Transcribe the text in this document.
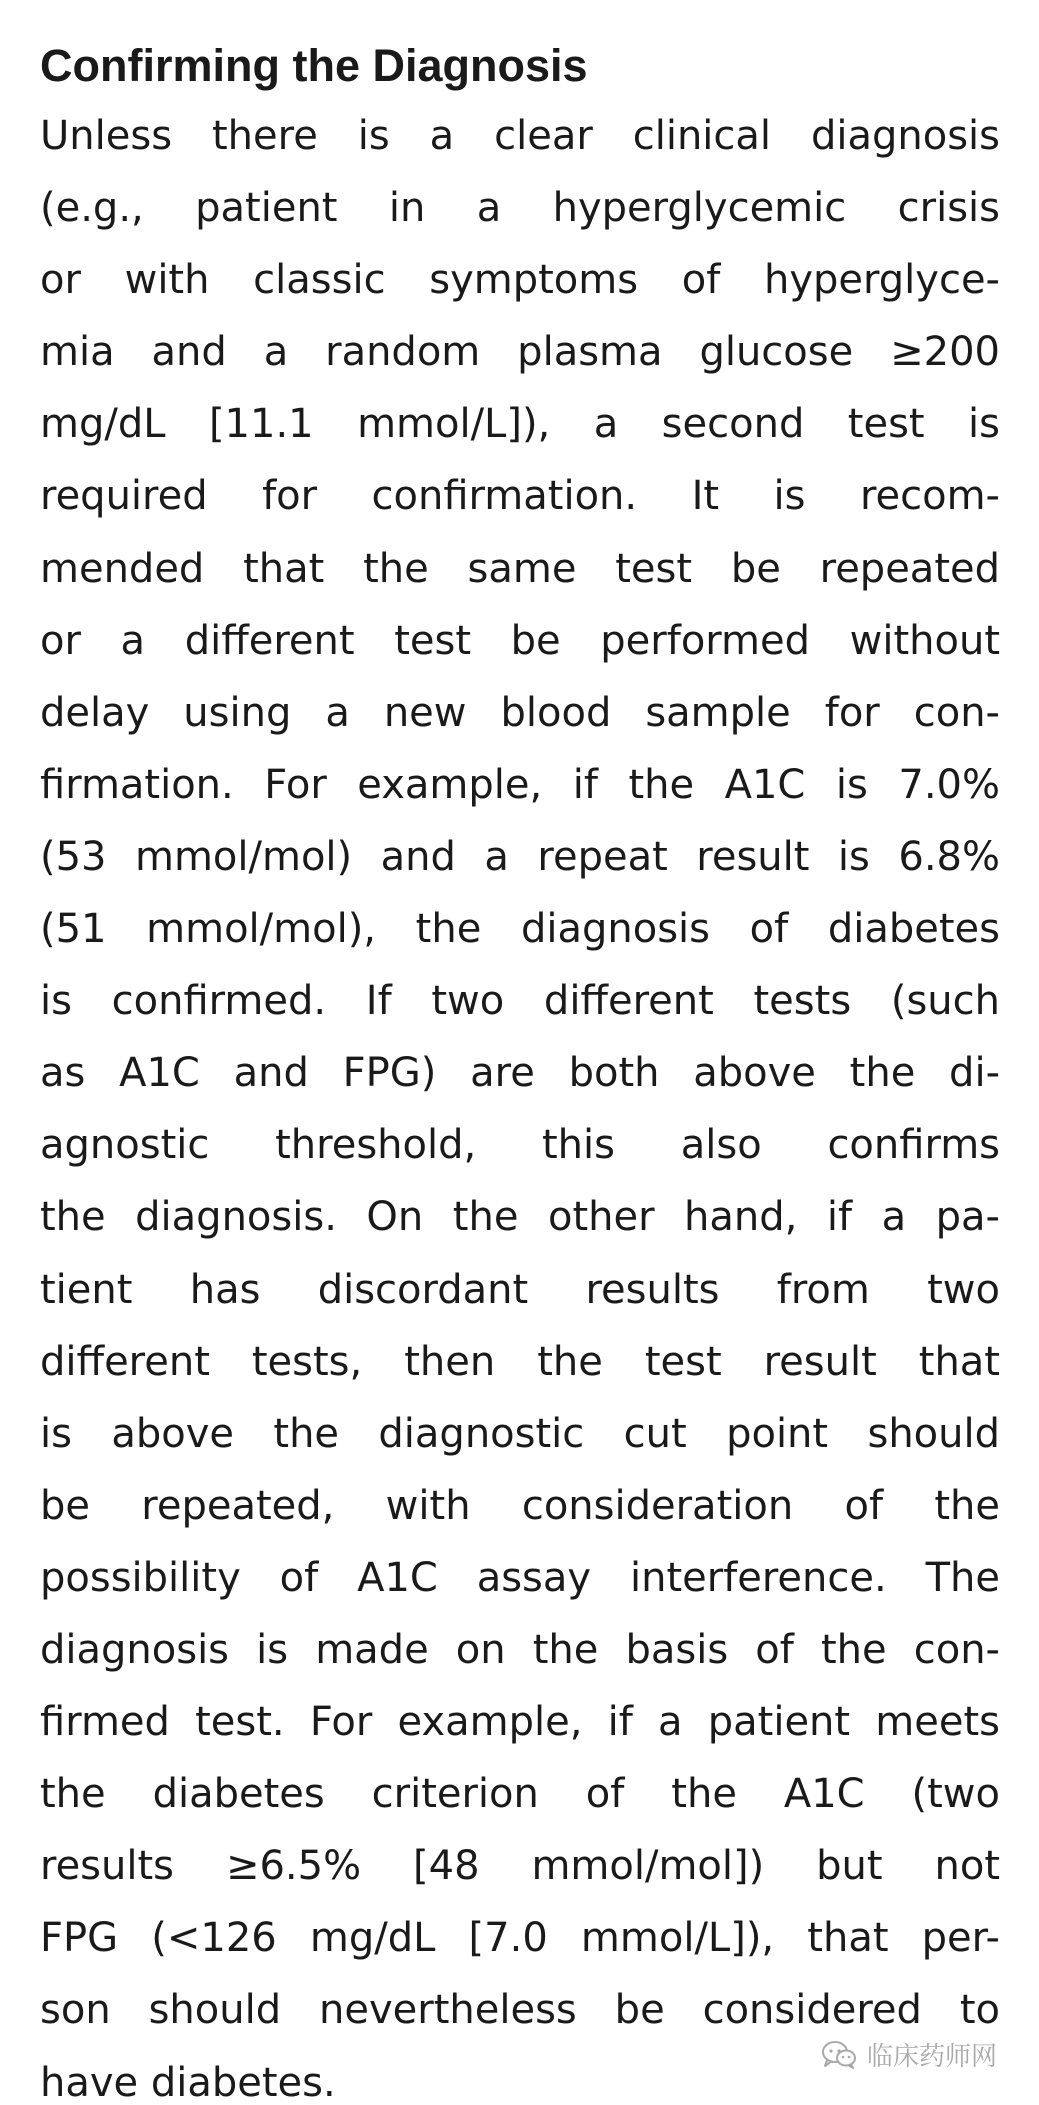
Confirming the Diagnosis
Unless there is a clear clinical diagnosis
(e.g., patient in a hyperglycemic crisis
or with classic symptoms of hyperglyce-
mia and a random plasma glucose ≥200
mg/dL [11.1 mmol/L]), a second test is
required for confirmation. It is recom-
mended that the same test be repeated
or a different test be performed without
delay using a new blood sample for con-
firmation. For example, if the A1C is 7.0%
(53 mmol/mol) and a repeat result is 6.8%
(51 mmol/mol), the diagnosis of diabetes
is confirmed. If two different tests (such
as A1C and FPG) are both above the di-
agnostic threshold, this also confirms
the diagnosis. On the other hand, if a pa-
tient has discordant results from two
different tests, then the test result that
is above the diagnostic cut point should
be repeated, with consideration of the
possibility of A1C assay interference. The
diagnosis is made on the basis of the con-
firmed test. For example, if a patient meets
the diabetes criterion of the A1C (two
results ≥6.5% [48 mmol/mol]) but not
FPG (<126 mg/dL [7.0 mmol/L]), that per-
son should nevertheless be considered to
have diabetes.
临床药师网
